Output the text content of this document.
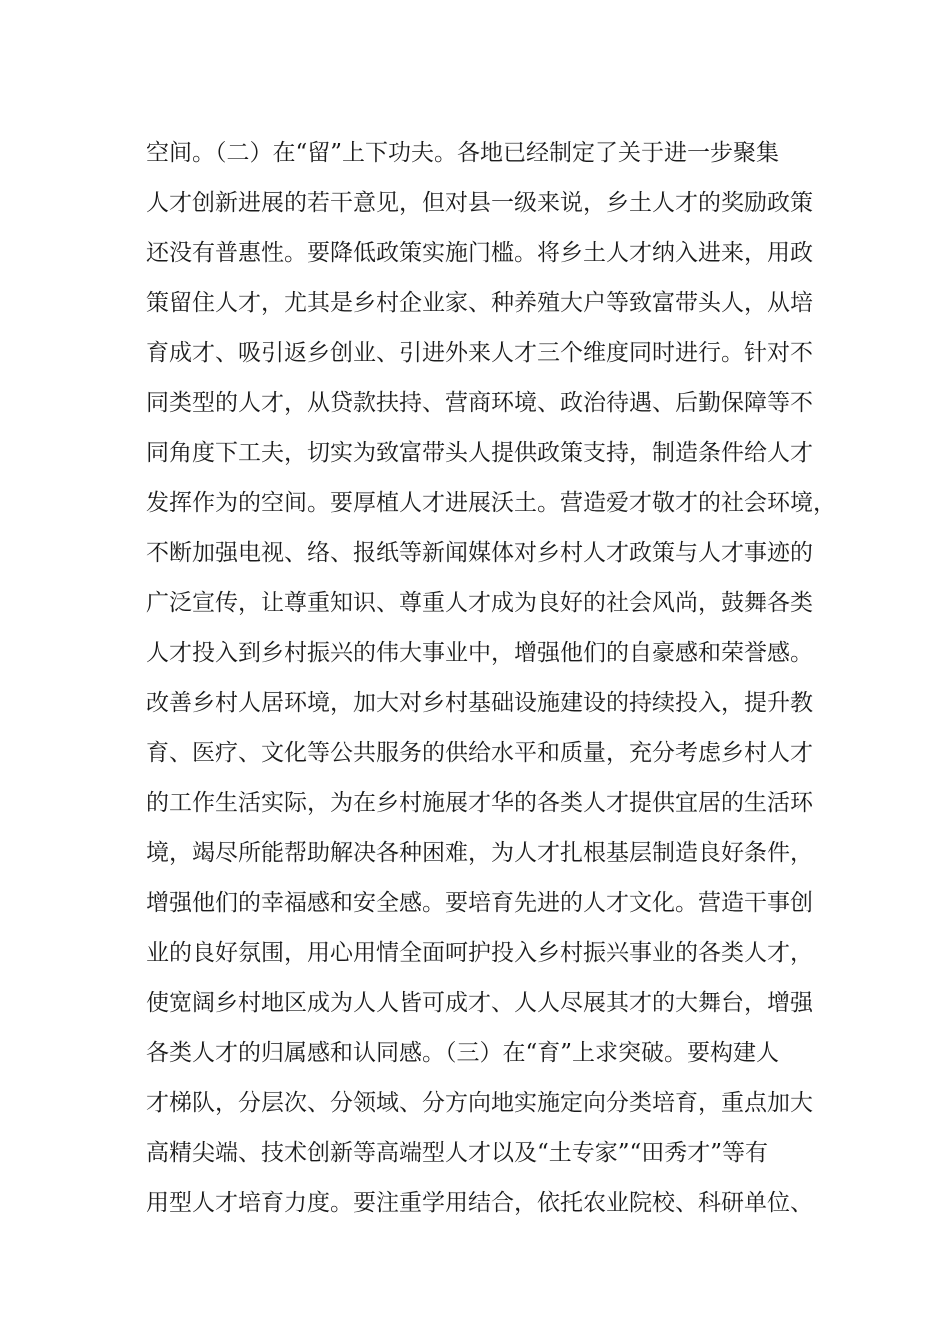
空间。（二）在“留”上下功夫。各地已经制定了关于进一步聚集
人才创新进展的若干意见，但对县一级来说，乡土人才的奖励政策
还没有普惠性。要降低政策实施门槛。将乡土人才纳入进来，用政
策留住人才，尤其是乡村企业家、种养殖大户等致富带头人，从培
育成才、吸引返乡创业、引进外来人才三个维度同时进行。针对不
同类型的人才，从贷款扶持、营商环境、政治待遇、后勤保障等不
同角度下工夫，切实为致富带头人提供政策支持，制造条件给人才
发挥作为的空间。要厚植人才进展沃土。营造爱才敬才的社会环境，
不断加强电视、络、报纸等新闻媒体对乡村人才政策与人才事迹的
广泛宣传，让尊重知识、尊重人才成为良好的社会风尚，鼓舞各类
人才投入到乡村振兴的伟大事业中，增强他们的自豪感和荣誉感。
改善乡村人居环境，加大对乡村基础设施建设的持续投入，提升教
育、医疗、文化等公共服务的供给水平和质量，充分考虑乡村人才
的工作生活实际，为在乡村施展才华的各类人才提供宜居的生活环
境，竭尽所能帮助解决各种困难，为人才扎根基层制造良好条件，
增强他们的幸福感和安全感。要培育先进的人才文化。营造干事创
业的良好氛围，用心用情全面呵护投入乡村振兴事业的各类人才，
使宽阔乡村地区成为人人皆可成才、人人尽展其才的大舞台，增强
各类人才的归属感和认同感。（三）在“育”上求突破。要构建人
才梯队，分层次、分领域、分方向地实施定向分类培育，重点加大
高精尖端、技术创新等高端型人才以及“土专家”“田秀才”等有
用型人才培育力度。要注重学用结合，依托农业院校、科研单位、
